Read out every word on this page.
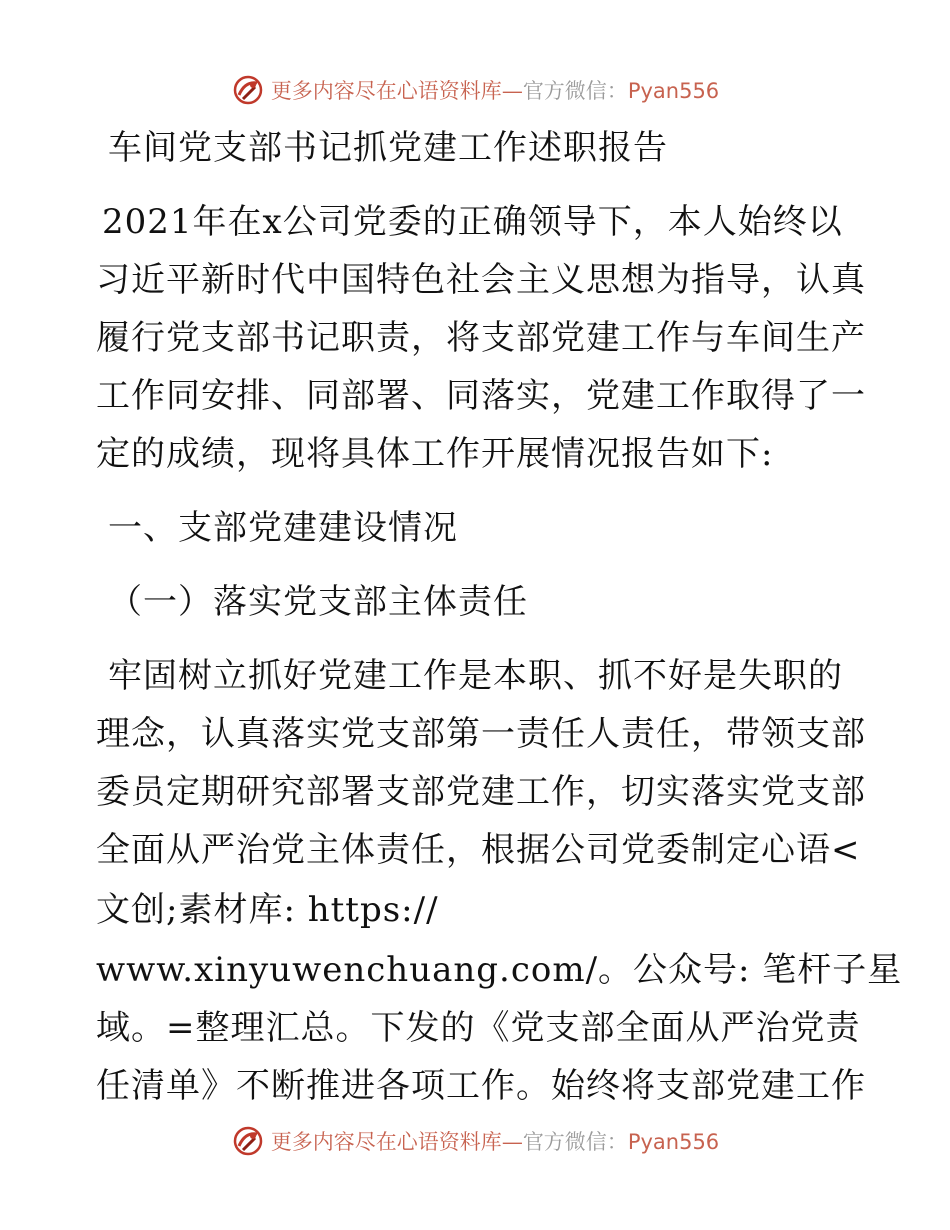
更多内容尽在心语资料库—官方微信：Pyan556
车间党支部书记抓党建工作述职报告
2021年在x公司党委的正确领导下，本人始终以
习近平新时代中国特色社会主义思想为指导，认真
履行党支部书记职责，将支部党建工作与车间生产
工作同安排、同部署、同落实，党建工作取得了一
定的成绩，现将具体工作开展情况报告如下:
一、支部党建建设情况
（一）落实党支部主体责任
牢固树立抓好党建工作是本职、抓不好是失职的
理念，认真落实党支部第一责任人责任，带领支部
委员定期研究部署支部党建工作，切实落实党支部
全面从严治党主体责任，根据公司党委制定心语<
文创;素材库: https://
www.xinyuwenchuang.com/。公众号: 笔杆子星
域。=整理汇总。下发的《党支部全面从严治党责
任清单》不断推进各项工作。始终将支部党建工作
更多内容尽在心语资料库—官方微信：Pyan556
